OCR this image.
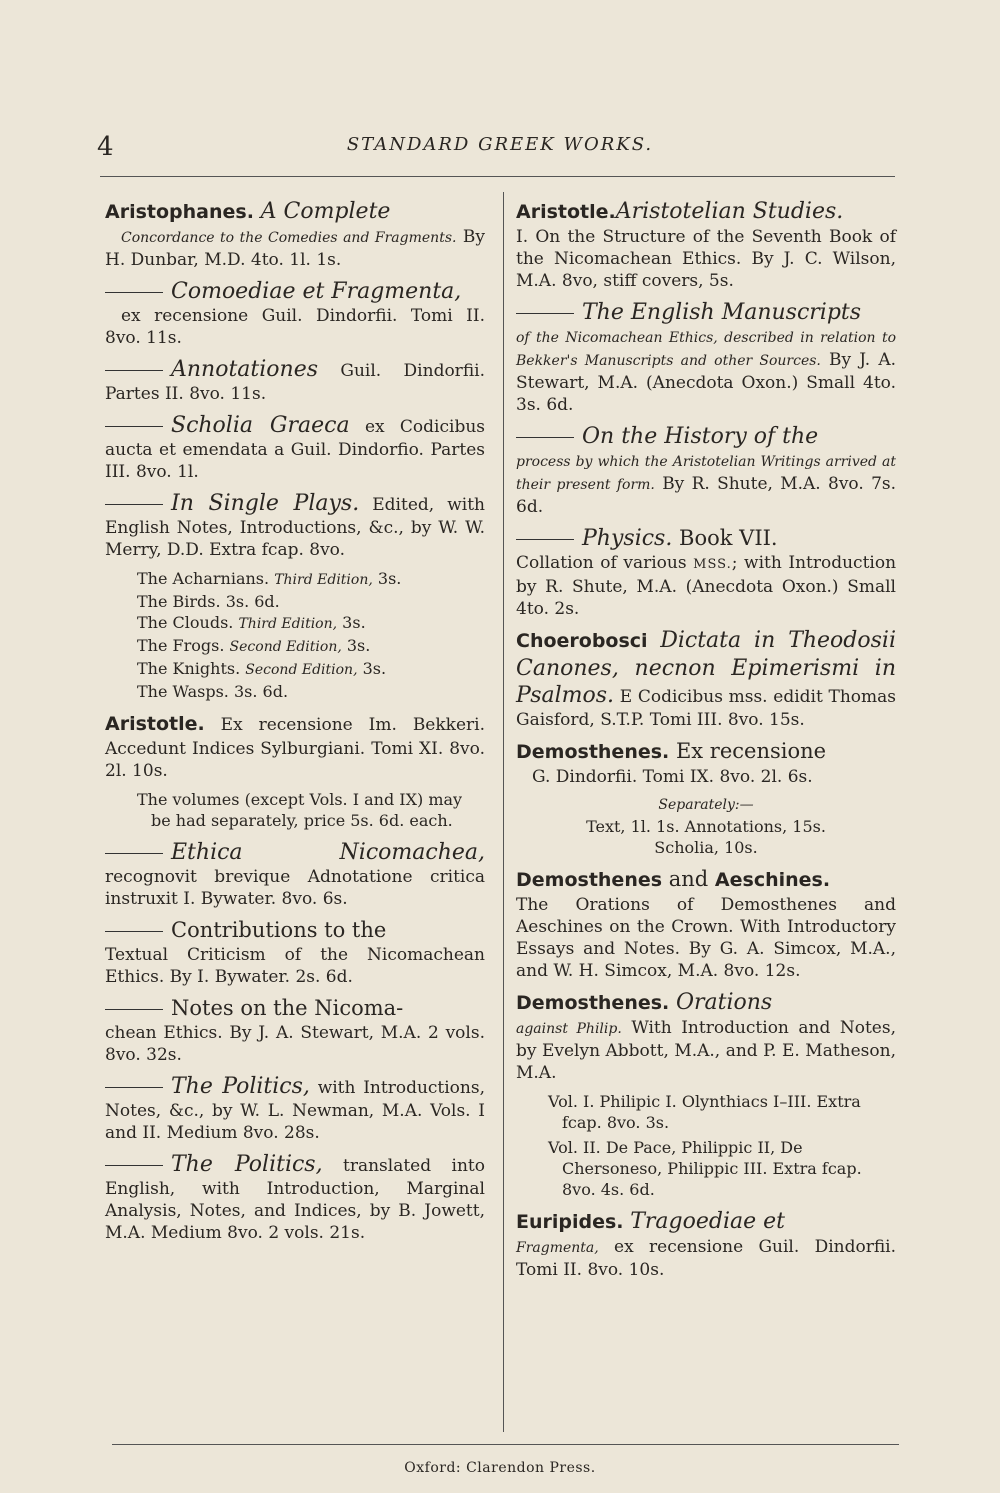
4	STANDARD GREEK WORKS.
Aristophanes. A Complete
Concordance to the Comedies and Fragments. By H. Dunbar, M.D. 4to. 1l. 1s.
Comoediae et Fragmenta,
ex recensione Guil. Dindorfii. Tomi II. 8vo. 11s.
Annotationes Guil. Dindorfii. Partes II. 8vo. 11s.
Scholia Graeca ex Codicibus aucta et emendata a Guil. Dindorfio. Partes III. 8vo. 1l.
In Single Plays. Edited, with English Notes, Introductions, &c., by W. W. Merry, D.D. Extra fcap. 8vo.
The Acharnians. Third Edition, 3s.
The Birds. 3s. 6d.
The Clouds. Third Edition, 3s.
The Frogs. Second Edition, 3s.
The Knights. Second Edition, 3s.
The Wasps. 3s. 6d.
Aristotle. Ex recensione Im. Bekkeri. Accedunt Indices Sylburgiani. Tomi XI. 8vo. 2l. 10s.
The volumes (except Vols. I and IX) may be had separately, price 5s. 6d. each.
Ethica Nicomachea, recognovit brevique Adnotatione critica instruxit I. Bywater. 8vo. 6s.
Contributions to the
Textual Criticism of the Nicomachean Ethics. By I. Bywater. 2s. 6d.
Notes on the Nicoma-
chean Ethics. By J. A. Stewart, M.A. 2 vols. 8vo. 32s.
The Politics, with Introductions, Notes, &c., by W. L. Newman, M.A. Vols. I and II. Medium 8vo. 28s.
The Politics, translated into English, with Introduction, Marginal Analysis, Notes, and Indices, by B. Jowett, M.A. Medium 8vo. 2 vols. 21s.
Aristotle.Aristotelian Studies.
I. On the Structure of the Seventh Book of the Nicomachean Ethics. By J. C. Wilson, M.A. 8vo, stiff covers, 5s.
The English Manuscripts
of the Nicomachean Ethics, described in relation to Bekker's Manuscripts and other Sources. By J. A. Stewart, M.A. (Anecdota Oxon.) Small 4to. 3s. 6d.
On the History of the
process by which the Aristotelian Writings arrived at their present form. By R. Shute, M.A. 8vo. 7s. 6d.
Physics. Book VII.
Collation of various MSS.; with Introduction by R. Shute, M.A. (Anecdota Oxon.) Small 4to. 2s.
Choerobosci Dictata in Theodosii Canones, necnon Epimerismi in Psalmos. E Codicibus mss. edidit Thomas Gaisford, S.T.P. Tomi III. 8vo. 15s.
Demosthenes. Ex recensione
G. Dindorfii. Tomi IX. 8vo. 2l. 6s.
Separately:—
Text, 1l. 1s. Annotations, 15s.
Scholia, 10s.
Demosthenes and Aeschines.
The Orations of Demosthenes and Aeschines on the Crown. With Introductory Essays and Notes. By G. A. Simcox, M.A., and W. H. Simcox, M.A. 8vo. 12s.
Demosthenes. Orations
against Philip. With Introduction and Notes, by Evelyn Abbott, M.A., and P. E. Matheson, M.A.
Vol. I. Philipic I. Olynthiacs I–III. Extra fcap. 8vo. 3s.
Vol. II. De Pace, Philippic II, De Chersoneso, Philippic III. Extra fcap. 8vo. 4s. 6d.
Euripides. Tragoediae et
Fragmenta, ex recensione Guil. Dindorfii. Tomi II. 8vo. 10s.
Oxford: Clarendon Press.
